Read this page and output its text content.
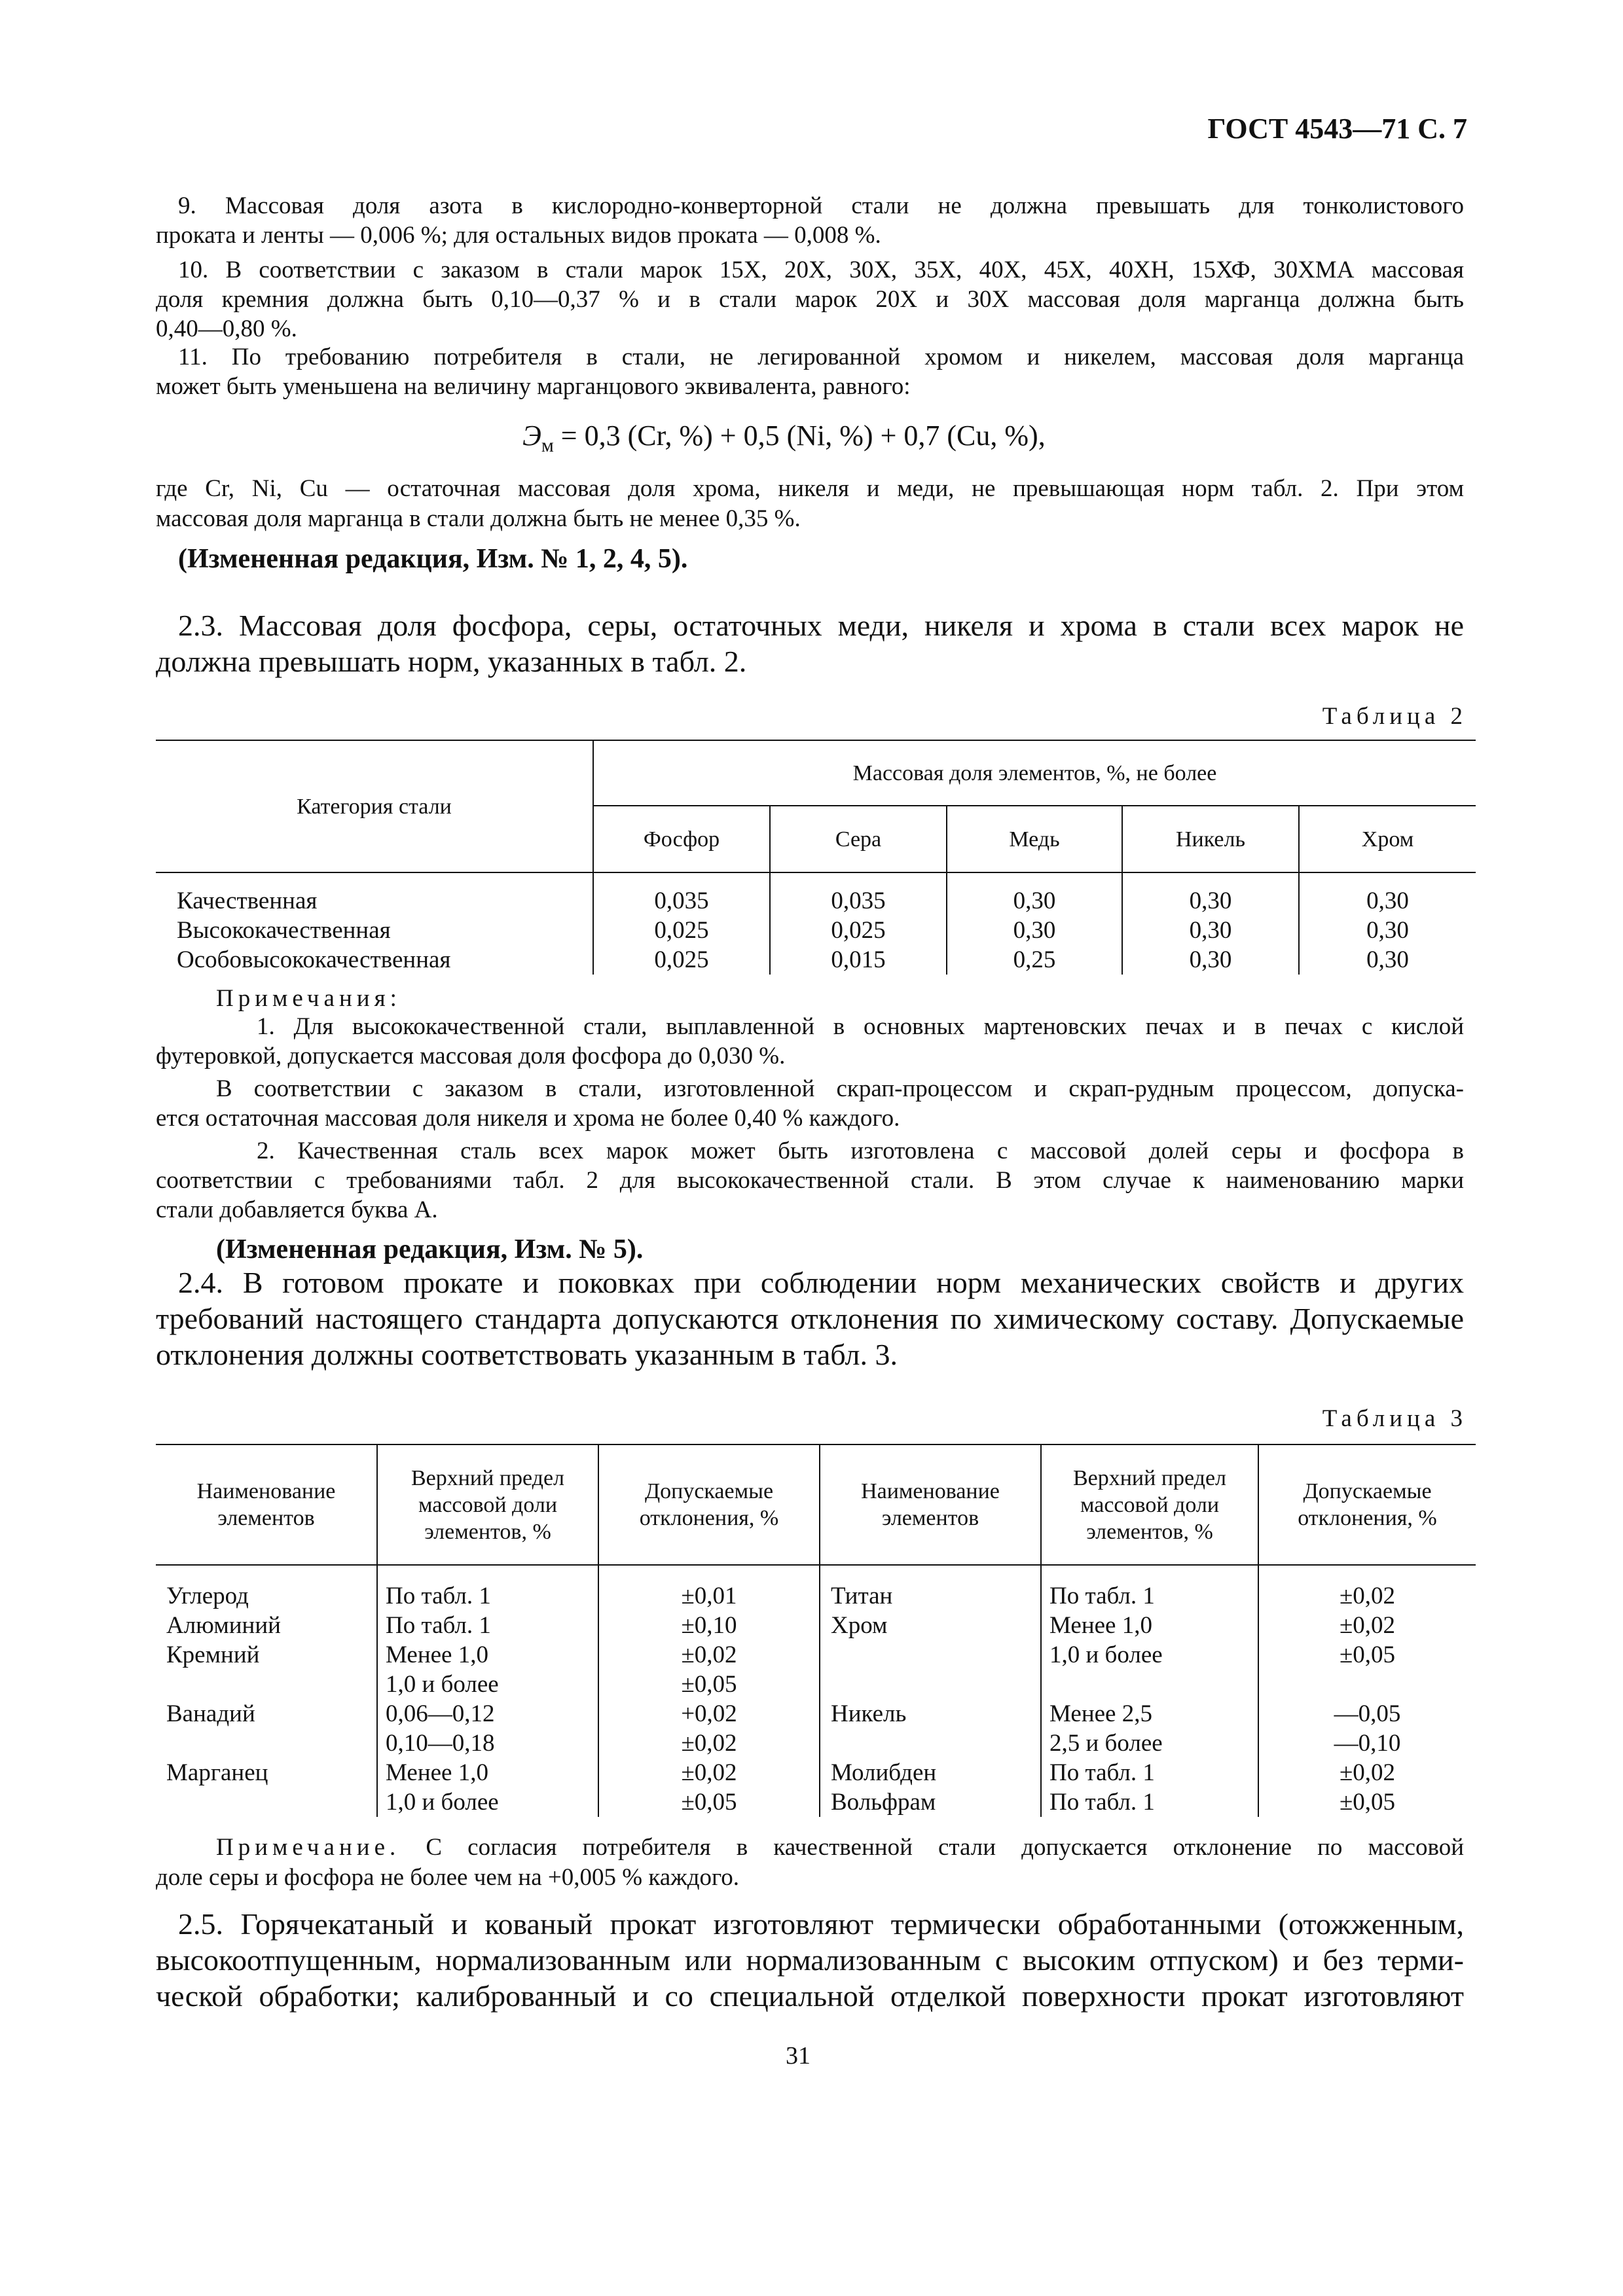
ГОСТ 4543—71 С. 7
9. Массовая доля азота в кислородно-конверторной стали не должна превышать для тонколистового
проката и ленты — 0,006 %; для остальных видов проката — 0,008 %.
10. В соответствии с заказом в стали марок 15Х, 20Х, 30Х, 35Х, 40Х, 45Х, 40ХН, 15ХФ, 30ХМА массовая
доля кремния должна быть 0,10—0,37 % и в стали марок 20Х и 30Х массовая доля марганца должна быть
0,40—0,80 %.
11. По требованию потребителя в стали, не легированной хромом и никелем, массовая доля марганца
может быть уменьшена на величину марганцового эквивалента, равного:
$Э_м = 0,3$ (Cr, %) + 0,5 (Ni, %) + 0,7 (Cu, %),
где Cr, Ni, Cu — остаточная массовая доля хрома, никеля и меди, не превышающая норм табл. 2. При этом
массовая доля марганца в стали должна быть не менее 0,35 %.
(Измененная редакция, Изм. № 1, 2, 4, 5).
2.3. Массовая доля фосфора, серы, остаточных меди, никеля и хрома в стали всех марок не
должна превышать норм, указанных в табл. 2.
Таблица 2
Категория стали	Массовая доля элементов, %, не более				
	Фосфор	Сера	Медь	Никель	Хром

Качественная	0,035	0,035	0,30	0,30	0,30
Высококачественная	0,025	0,025	0,30	0,30	0,30
Особовысококачественная	0,025	0,015	0,25	0,30	0,30
Примечания:
1. Для высококачественной стали, выплавленной в основных мартеновских печах и в печах с кислой
футеровкой, допускается массовая доля фосфора до 0,030 %.
В соответствии с заказом в стали, изготовленной скрап-процессом и скрап-рудным процессом, допуска-
ется остаточная массовая доля никеля и хрома не более 0,40 % каждого.
2. Качественная сталь всех марок может быть изготовлена с массовой долей серы и фосфора в
соответствии с требованиями табл. 2 для высококачественной стали. В этом случае к наименованию марки
стали добавляется буква А.
(Измененная редакция, Изм. № 5).
2.4. В готовом прокате и поковках при соблюдении норм механических свойств и других
требований настоящего стандарта допускаются отклонения по химическому составу. Допускаемые
отклонения должны соответствовать указанным в табл. 3.
Таблица 3
Наименование
элементов	Верхний предел
массовой доли
элементов, %	Допускаемые
отклонения, %	Наименование
элементов	Верхний предел
массовой доли
элементов, %	Допускаемые
отклонения, %

Углерод	По табл. 1	±0,01	Титан	По табл. 1	±0,02
Алюминий	По табл. 1	±0,10	Хром	Менее 1,0	±0,02
Кремний	Менее 1,0	±0,02		1,0 и более	±0,05
	1,0 и более	±0,05			
Ванадий	0,06—0,12	+0,02	Никель	Менее 2,5	—0,05
	0,10—0,18	±0,02		2,5 и более	—0,10
Марганец	Менее 1,0	±0,02	Молибден	По табл. 1	±0,02
	1,0 и более	±0,05	Вольфрам	По табл. 1	±0,05
Примечание. С согласия потребителя в качественной стали допускается отклонение по массовой
доле серы и фосфора не более чем на +0,005 % каждого.
2.5. Горячекатаный и кованый прокат изготовляют термически обработанными (отожженным,
высокоотпущенным, нормализованным или нормализованным с высоким отпуском) и без терми-
ческой обработки; калиброванный и со специальной отделкой поверхности прокат изготовляют
31
